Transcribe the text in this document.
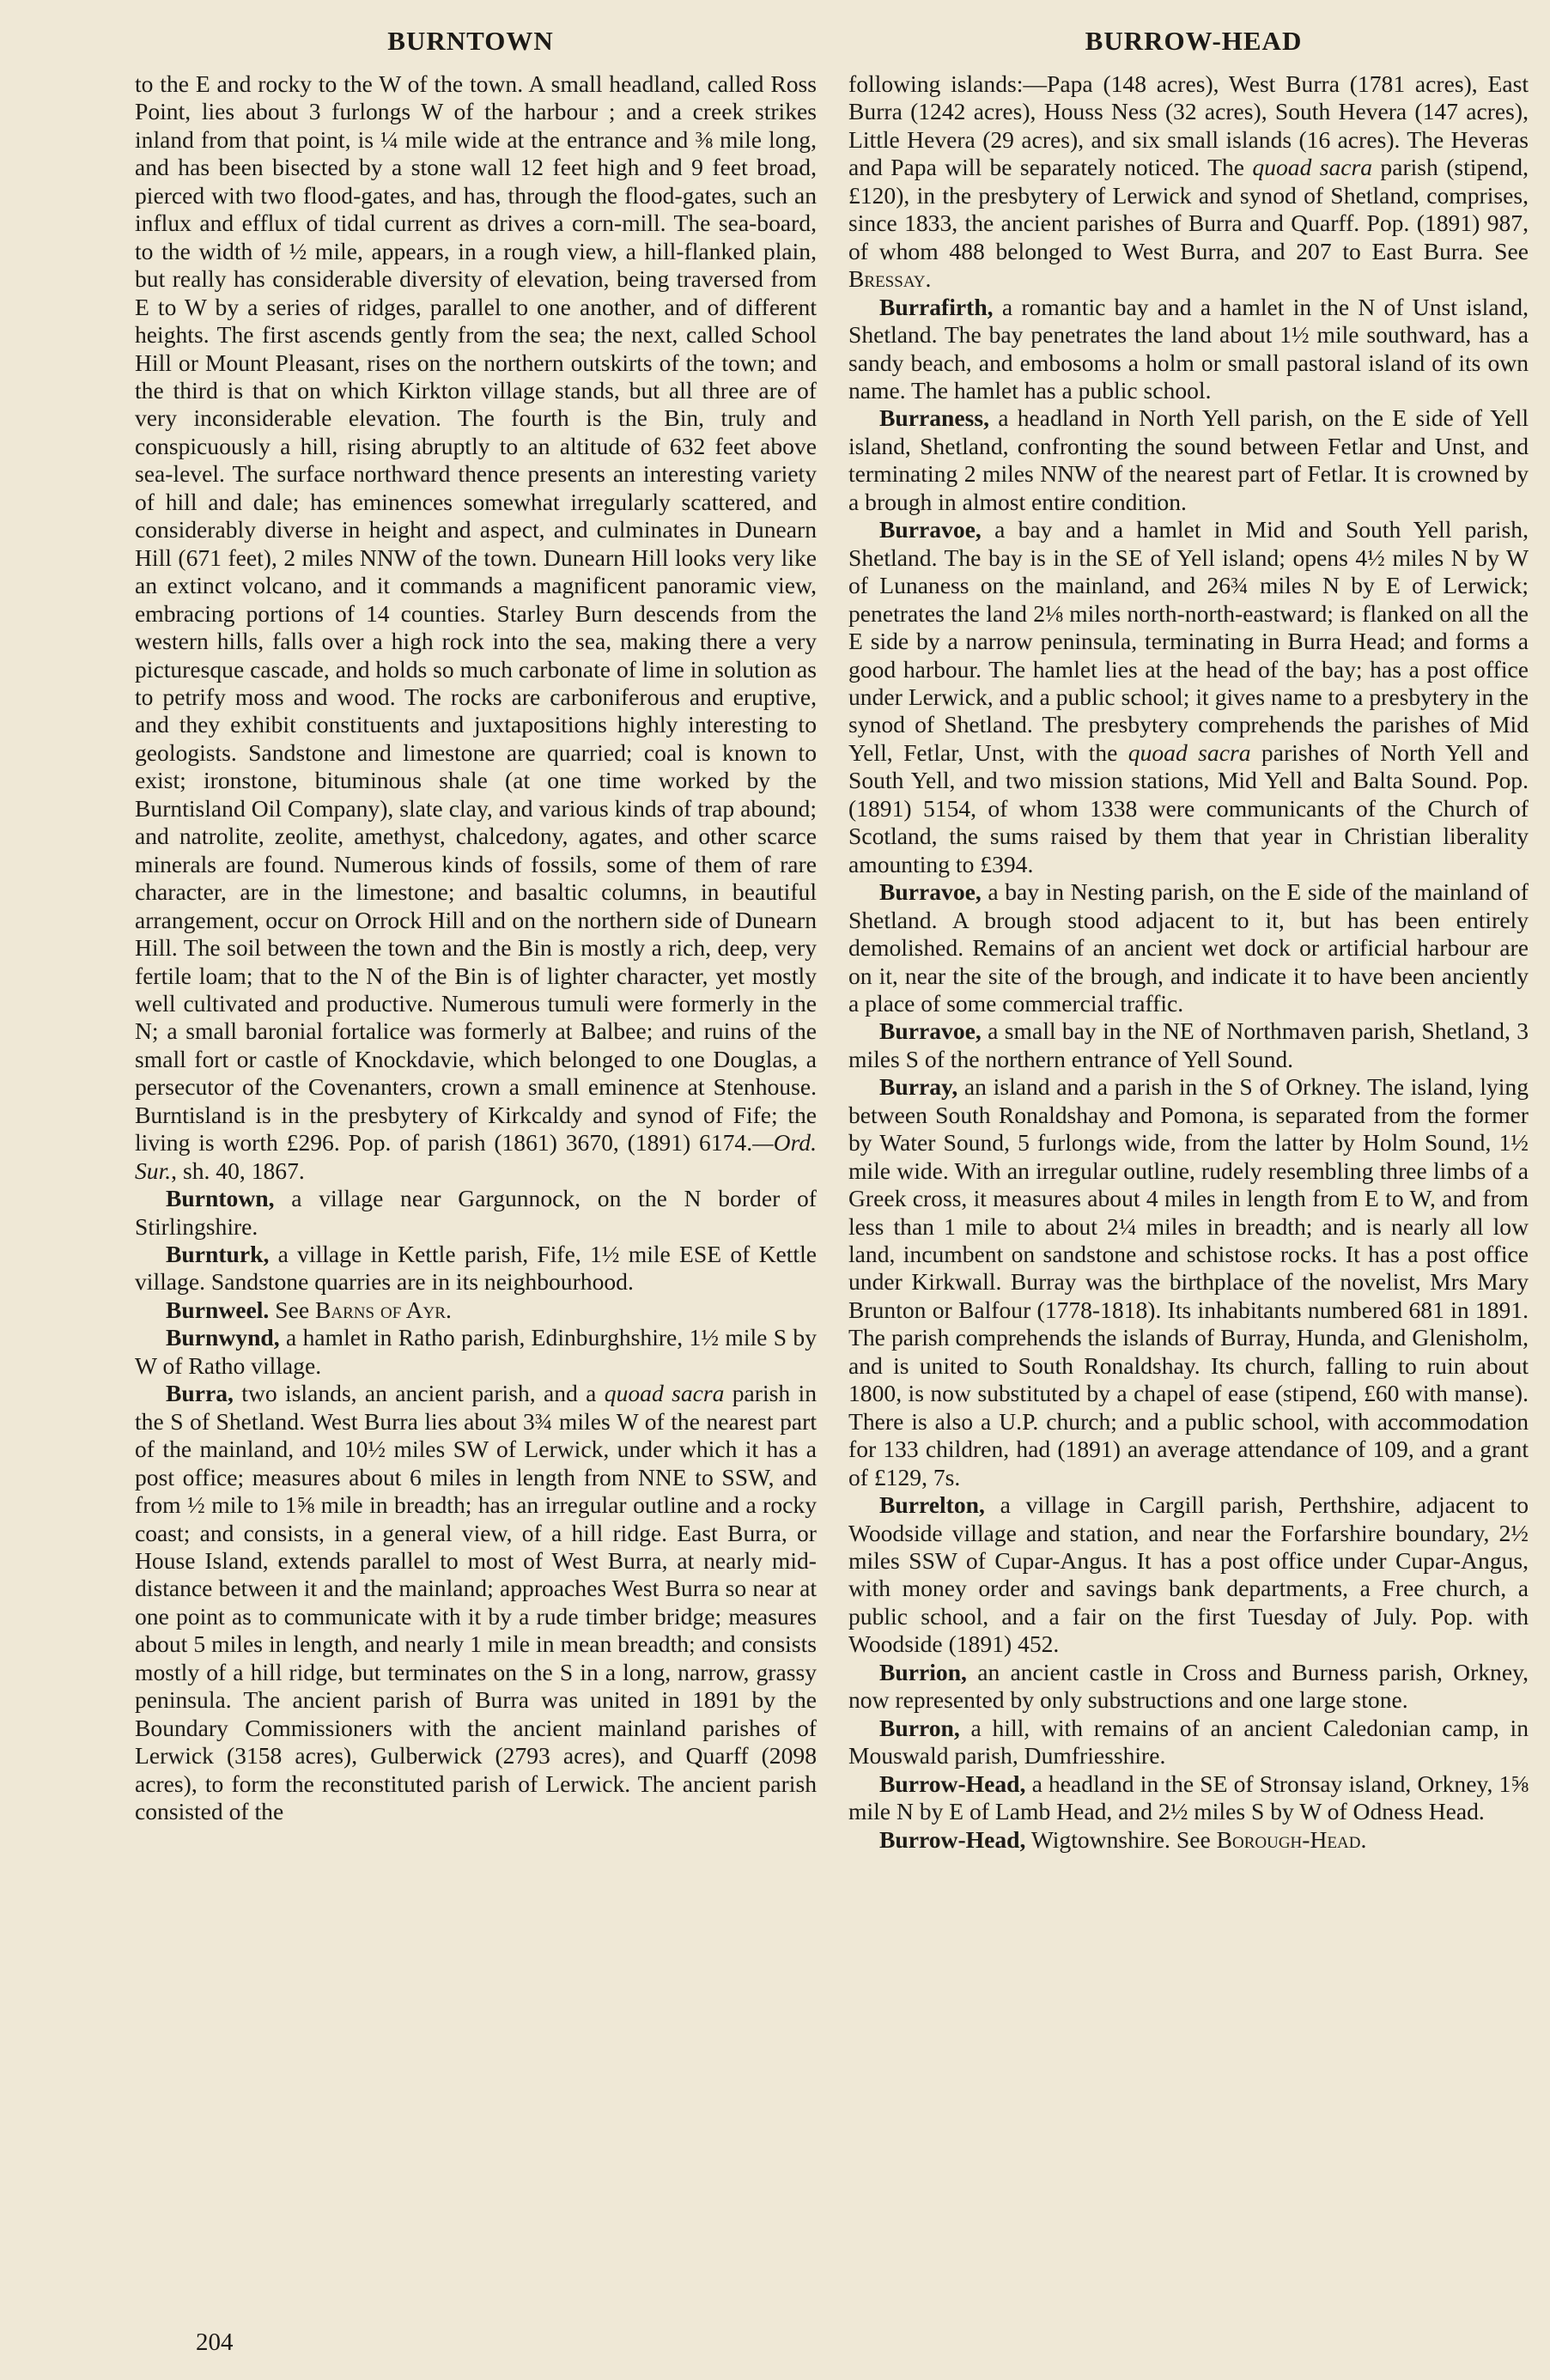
BURNTOWN	BURROW-HEAD

to the E and rocky to the W of the town. A small headland, called Ross Point, lies about 3 furlongs W of the harbour ; and a creek strikes inland from that point, is ¼ mile wide at the entrance and ⅜ mile long, and has been bisected by a stone wall 12 feet high and 9 feet broad, pierced with two flood-gates, and has, through the flood-gates, such an influx and efflux of tidal current as drives a corn-mill. The sea-board, to the width of ½ mile, appears, in a rough view, a hill-flanked plain, but really has considerable diversity of elevation, being traversed from E to W by a series of ridges, parallel to one another, and of different heights. The first ascends gently from the sea; the next, called School Hill or Mount Pleasant, rises on the northern outskirts of the town; and the third is that on which Kirkton village stands, but all three are of very inconsiderable elevation. The fourth is the Bin, truly and conspicuously a hill, rising abruptly to an altitude of 632 feet above sea-level. The surface northward thence presents an interesting variety of hill and dale; has eminences somewhat irregularly scattered, and considerably diverse in height and aspect, and culminates in Dunearn Hill (671 feet), 2 miles NNW of the town. Dunearn Hill looks very like an extinct volcano, and it commands a magnificent panoramic view, embracing portions of 14 counties. Starley Burn descends from the western hills, falls over a high rock into the sea, making there a very picturesque cascade, and holds so much carbonate of lime in solution as to petrify moss and wood. The rocks are carboniferous and eruptive, and they exhibit constituents and juxtapositions highly interesting to geologists. Sandstone and limestone are quarried; coal is known to exist; ironstone, bituminous shale (at one time worked by the Burntisland Oil Company), slate clay, and various kinds of trap abound; and natrolite, zeolite, amethyst, chalcedony, agates, and other scarce minerals are found. Numerous kinds of fossils, some of them of rare character, are in the limestone; and basaltic columns, in beautiful arrangement, occur on Orrock Hill and on the northern side of Dunearn Hill. The soil between the town and the Bin is mostly a rich, deep, very fertile loam; that to the N of the Bin is of lighter character, yet mostly well cultivated and productive. Numerous tumuli were formerly in the N; a small baronial fortalice was formerly at Balbee; and ruins of the small fort or castle of Knockdavie, which belonged to one Douglas, a persecutor of the Covenanters, crown a small eminence at Stenhouse. Burntisland is in the presbytery of Kirkcaldy and synod of Fife; the living is worth £296. Pop. of parish (1861) 3670, (1891) 6174.—Ord. Sur., sh. 40, 1867.

Burntown, a village near Gargunnock, on the N border of Stirlingshire.

Burnturk, a village in Kettle parish, Fife, 1½ mile ESE of Kettle village. Sandstone quarries are in its neighbourhood.

Burnweel. See Barns of Ayr.

Burnwynd, a hamlet in Ratho parish, Edinburghshire, 1½ mile S by W of Ratho village.

Burra, two islands, an ancient parish, and a quoad sacra parish in the S of Shetland. West Burra lies about 3¾ miles W of the nearest part of the mainland, and 10½ miles SW of Lerwick, under which it has a post office; measures about 6 miles in length from NNE to SSW, and from ½ mile to 1⅝ mile in breadth; has an irregular outline and a rocky coast; and consists, in a general view, of a hill ridge. East Burra, or House Island, extends parallel to most of West Burra, at nearly mid-distance between it and the mainland; approaches West Burra so near at one point as to communicate with it by a rude timber bridge; measures about 5 miles in length, and nearly 1 mile in mean breadth; and consists mostly of a hill ridge, but terminates on the S in a long, narrow, grassy peninsula. The ancient parish of Burra was united in 1891 by the Boundary Commissioners with the ancient mainland parishes of Lerwick (3158 acres), Gulberwick (2793 acres), and Quarff (2098 acres), to form the reconstituted parish of Lerwick. The ancient parish consisted of the

following islands:—Papa (148 acres), West Burra (1781 acres), East Burra (1242 acres), Houss Ness (32 acres), South Hevera (147 acres), Little Hevera (29 acres), and six small islands (16 acres). The Heveras and Papa will be separately noticed. The quoad sacra parish (stipend, £120), in the presbytery of Lerwick and synod of Shetland, comprises, since 1833, the ancient parishes of Burra and Quarff. Pop. (1891) 987, of whom 488 belonged to West Burra, and 207 to East Burra. See Bressay.

Burrafirth, a romantic bay and a hamlet in the N of Unst island, Shetland. The bay penetrates the land about 1½ mile southward, has a sandy beach, and embosoms a holm or small pastoral island of its own name. The hamlet has a public school.

Burraness, a headland in North Yell parish, on the E side of Yell island, Shetland, confronting the sound between Fetlar and Unst, and terminating 2 miles NNW of the nearest part of Fetlar. It is crowned by a brough in almost entire condition.

Burravoe, a bay and a hamlet in Mid and South Yell parish, Shetland. The bay is in the SE of Yell island; opens 4½ miles N by W of Lunaness on the mainland, and 26¾ miles N by E of Lerwick; penetrates the land 2⅛ miles north-north-eastward; is flanked on all the E side by a narrow peninsula, terminating in Burra Head; and forms a good harbour. The hamlet lies at the head of the bay; has a post office under Lerwick, and a public school; it gives name to a presbytery in the synod of Shetland. The presbytery comprehends the parishes of Mid Yell, Fetlar, Unst, with the quoad sacra parishes of North Yell and South Yell, and two mission stations, Mid Yell and Balta Sound. Pop. (1891) 5154, of whom 1338 were communicants of the Church of Scotland, the sums raised by them that year in Christian liberality amounting to £394.

Burravoe, a bay in Nesting parish, on the E side of the mainland of Shetland. A brough stood adjacent to it, but has been entirely demolished. Remains of an ancient wet dock or artificial harbour are on it, near the site of the brough, and indicate it to have been anciently a place of some commercial traffic.

Burravoe, a small bay in the NE of Northmaven parish, Shetland, 3 miles S of the northern entrance of Yell Sound.

Burray, an island and a parish in the S of Orkney. The island, lying between South Ronaldshay and Pomona, is separated from the former by Water Sound, 5 furlongs wide, from the latter by Holm Sound, 1½ mile wide. With an irregular outline, rudely resembling three limbs of a Greek cross, it measures about 4 miles in length from E to W, and from less than 1 mile to about 2¼ miles in breadth; and is nearly all low land, incumbent on sandstone and schistose rocks. It has a post office under Kirkwall. Burray was the birthplace of the novelist, Mrs Mary Brunton or Balfour (1778-1818). Its inhabitants numbered 681 in 1891. The parish comprehends the islands of Burray, Hunda, and Glenisholm, and is united to South Ronaldshay. Its church, falling to ruin about 1800, is now substituted by a chapel of ease (stipend, £60 with manse). There is also a U.P. church; and a public school, with accommodation for 133 children, had (1891) an average attendance of 109, and a grant of £129, 7s.

Burrelton, a village in Cargill parish, Perthshire, adjacent to Woodside village and station, and near the Forfarshire boundary, 2½ miles SSW of Cupar-Angus. It has a post office under Cupar-Angus, with money order and savings bank departments, a Free church, a public school, and a fair on the first Tuesday of July. Pop. with Woodside (1891) 452.

Burrion, an ancient castle in Cross and Burness parish, Orkney, now represented by only substructions and one large stone.

Burron, a hill, with remains of an ancient Caledonian camp, in Mouswald parish, Dumfriesshire.

Burrow-Head, a headland in the SE of Stronsay island, Orkney, 1⅝ mile N by E of Lamb Head, and 2½ miles S by W of Odness Head.

Burrow-Head, Wigtownshire. See Borough-Head.

204
